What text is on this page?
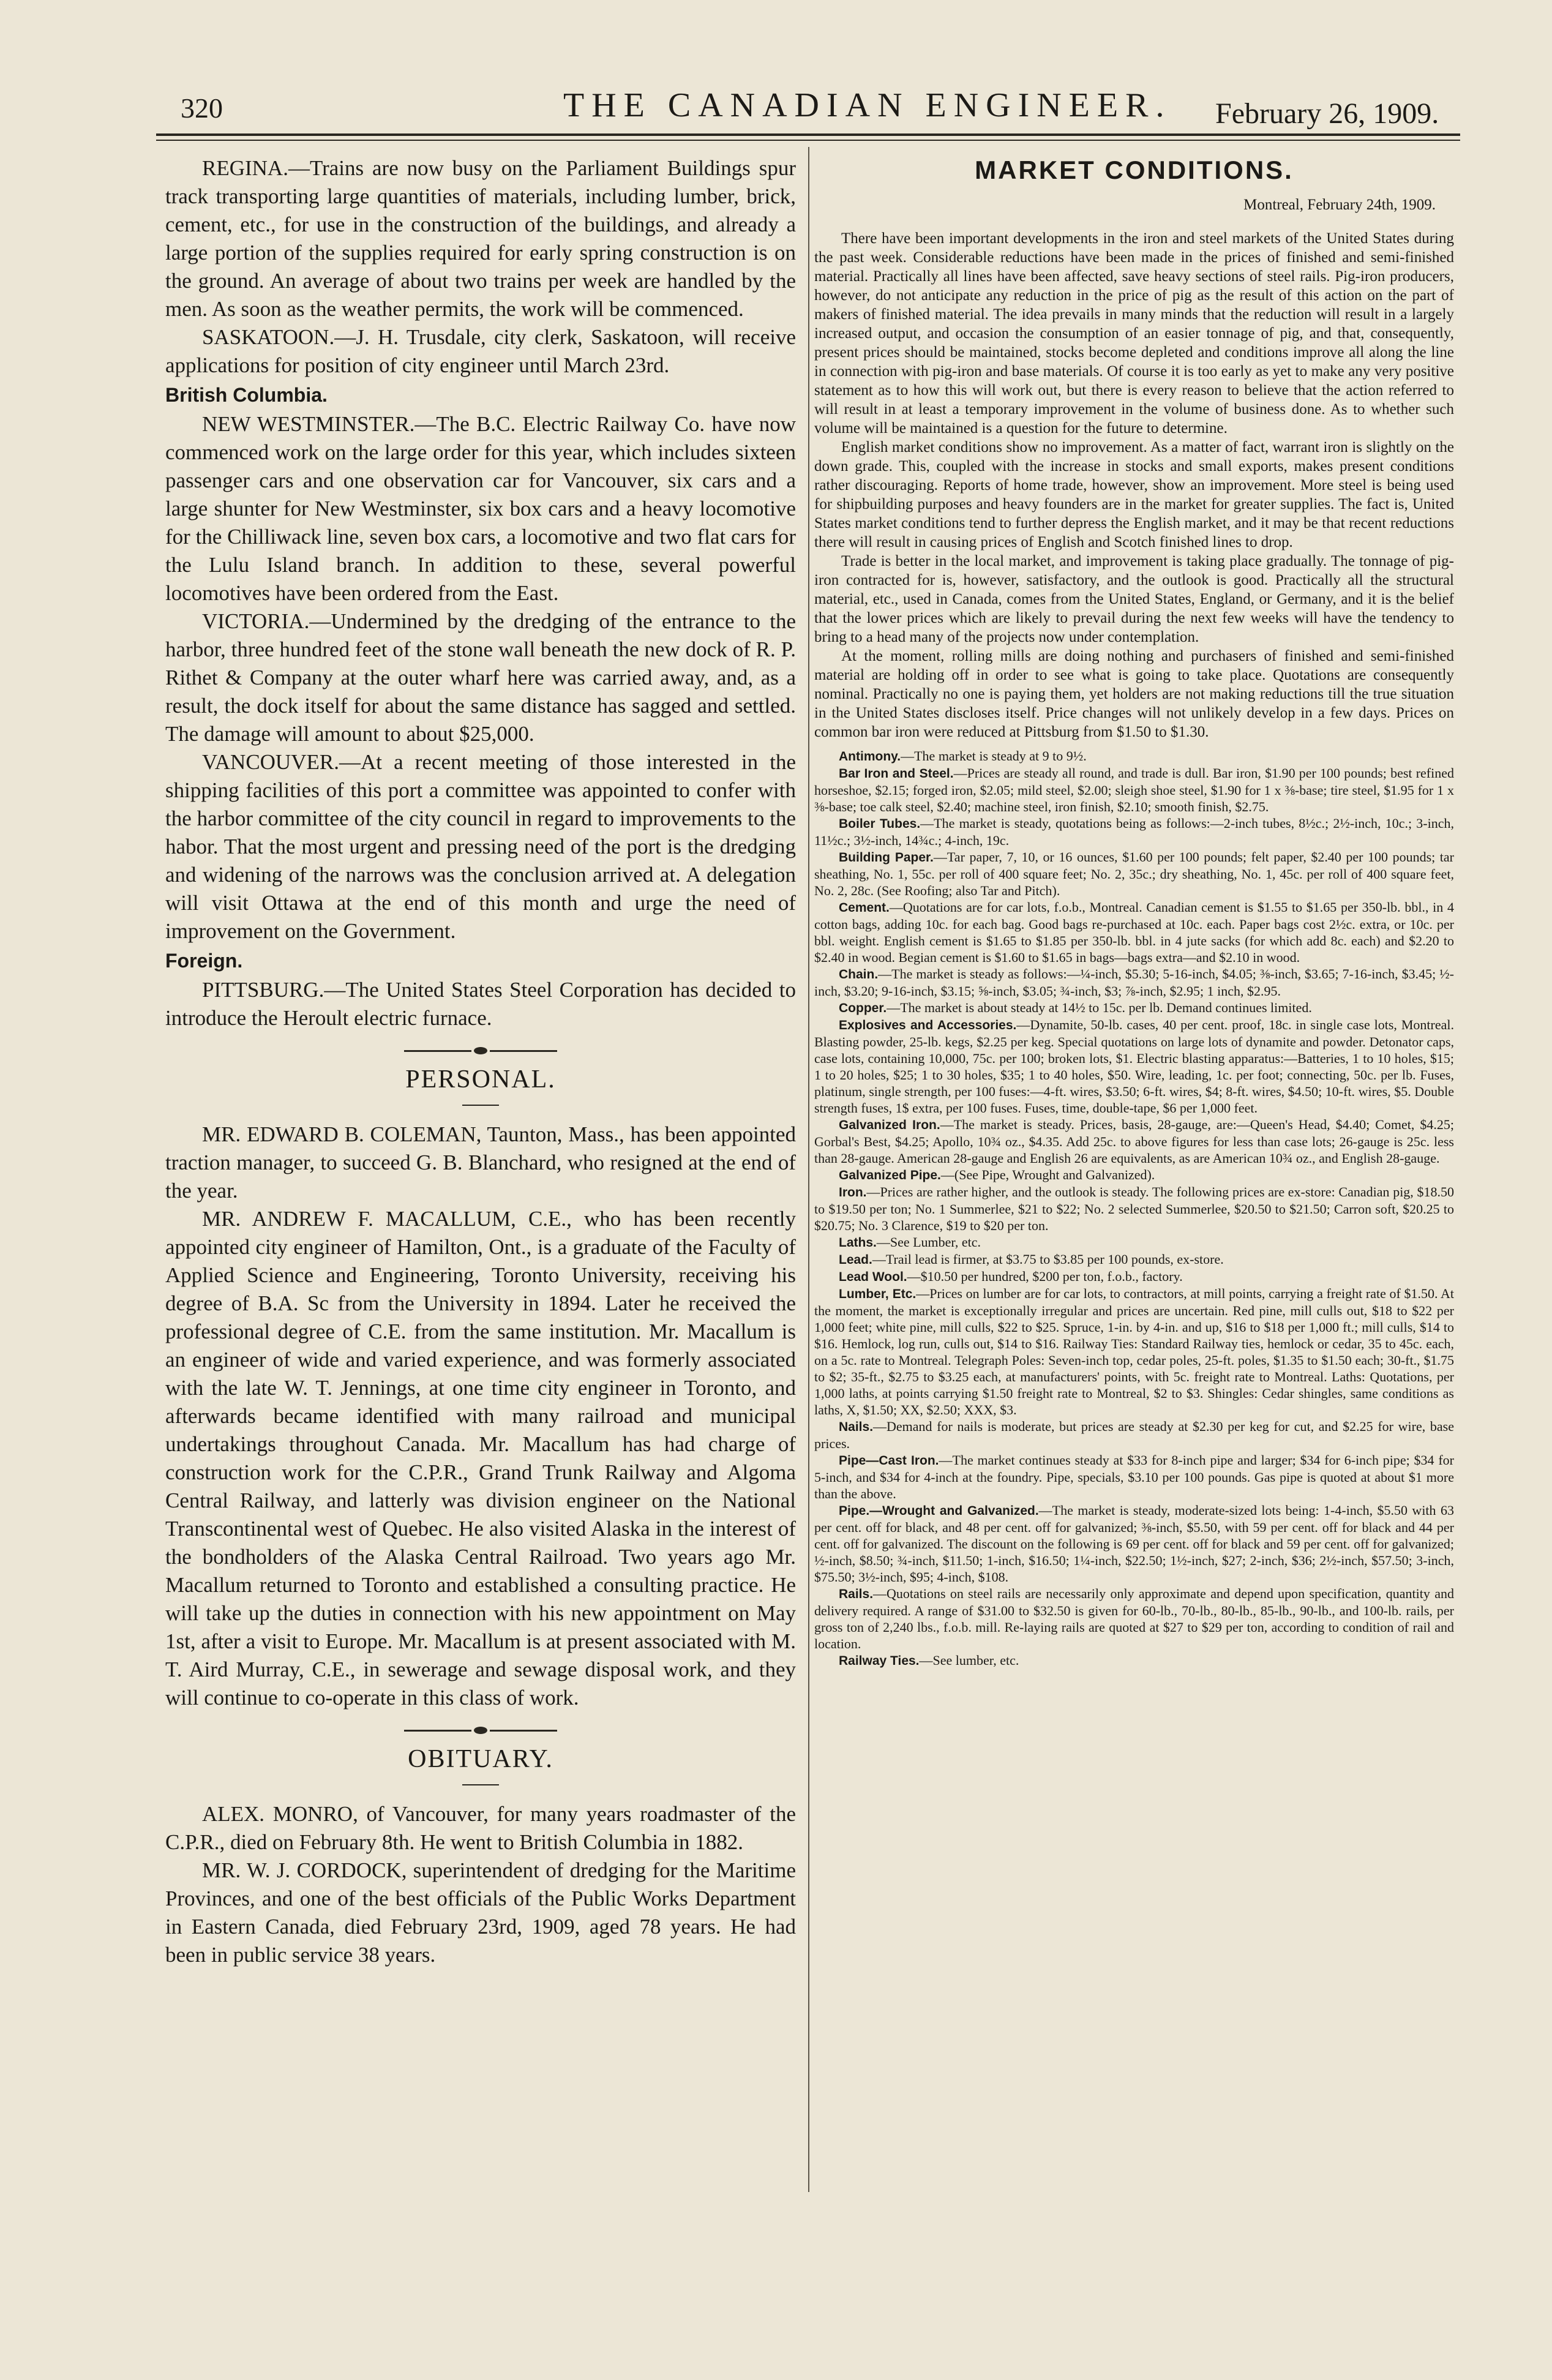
320	THE CANADIAN ENGINEER. February 26, 1909.

REGINA.—Trains are now busy on the Parliament Buildings spur track transporting large quantities of materials, including lumber, brick, cement, etc., for use in the construction of the buildings, and already a large portion of the supplies required for early spring construction is on the ground. An average of about two trains per week are handled by the men. As soon as the weather permits, the work will be commenced.

SASKATOON.—J. H. Trusdale, city clerk, Saskatoon, will receive applications for position of city engineer until March 23rd.

British Columbia.

NEW WESTMINSTER.—The B.C. Electric Railway Co. have now commenced work on the large order for this year, which includes sixteen passenger cars and one observation car for Vancouver, six cars and a large shunter for New Westminster, six box cars and a heavy locomotive for the Chilliwack line, seven box cars, a locomotive and two flat cars for the Lulu Island branch. In addition to these, several powerful locomotives have been ordered from the East.

VICTORIA.—Undermined by the dredging of the entrance to the harbor, three hundred feet of the stone wall beneath the new dock of R. P. Rithet & Company at the outer wharf here was carried away, and, as a result, the dock itself for about the same distance has sagged and settled. The damage will amount to about $25,000.

VANCOUVER.—At a recent meeting of those interested in the shipping facilities of this port a committee was appointed to confer with the harbor committee of the city council in regard to improvements to the habor. That the most urgent and pressing need of the port is the dredging and widening of the narrows was the conclusion arrived at. A delegation will visit Ottawa at the end of this month and urge the need of improvement on the Government.

Foreign.

PITTSBURG.—The United States Steel Corporation has decided to introduce the Heroult electric furnace.

PERSONAL.

MR. EDWARD B. COLEMAN, Taunton, Mass., has been appointed traction manager, to succeed G. B. Blanchard, who resigned at the end of the year.

MR. ANDREW F. MACALLUM, C.E., who has been recently appointed city engineer of Hamilton, Ont., is a graduate of the Faculty of Applied Science and Engineering, Toronto University, receiving his degree of B.A. Sc from the University in 1894. Later he received the professional degree of C.E. from the same institution. Mr. Macallum is an engineer of wide and varied experience, and was formerly associated with the late W. T. Jennings, at one time city engineer in Toronto, and afterwards became identified with many railroad and municipal undertakings throughout Canada. Mr. Macallum has had charge of construction work for the C.P.R., Grand Trunk Railway and Algoma Central Railway, and latterly was division engineer on the National Transcontinental west of Quebec. He also visited Alaska in the interest of the bondholders of the Alaska Central Railroad. Two years ago Mr. Macallum returned to Toronto and established a consulting practice. He will take up the duties in connection with his new appointment on May 1st, after a visit to Europe. Mr. Macallum is at present associated with M. T. Aird Murray, C.E., in sewerage and sewage disposal work, and they will continue to co-operate in this class of work.

OBITUARY.

ALEX. MONRO, of Vancouver, for many years roadmaster of the C.P.R., died on February 8th. He went to British Columbia in 1882.

MR. W. J. CORDOCK, superintendent of dredging for the Maritime Provinces, and one of the best officials of the Public Works Department in Eastern Canada, died February 23rd, 1909, aged 78 years. He had been in public service 38 years.

MARKET CONDITIONS.
Montreal, February 24th, 1909.

There have been important developments in the iron and steel markets of the United States during the past week. Considerable reductions have been made in the prices of finished and semi-finished material. Practically all lines have been affected, save heavy sections of steel rails. Pig-iron producers, however, do not anticipate any reduction in the price of pig as the result of this action on the part of makers of finished material. The idea prevails in many minds that the reduction will result in a largely increased output, and occasion the consumption of an easier tonnage of pig, and that, consequently, present prices should be maintained, stocks become depleted and conditions improve all along the line in connection with pig-iron and base materials. Of course it is too early as yet to make any very positive statement as to how this will work out, but there is every reason to believe that the action referred to will result in at least a temporary improvement in the volume of business done. As to whether such volume will be maintained is a question for the future to determine.

English market conditions show no improvement. As a matter of fact, warrant iron is slightly on the down grade. This, coupled with the increase in stocks and small exports, makes present conditions rather discouraging. Reports of home trade, however, show an improvement. More steel is being used for shipbuilding purposes and heavy founders are in the market for greater supplies. The fact is, United States market conditions tend to further depress the English market, and it may be that recent reductions there will result in causing prices of English and Scotch finished lines to drop.

Trade is better in the local market, and improvement is taking place gradually. The tonnage of pig-iron contracted for is, however, satisfactory, and the outlook is good. Practically all the structural material, etc., used in Canada, comes from the United States, England, or Germany, and it is the belief that the lower prices which are likely to prevail during the next few weeks will have the tendency to bring to a head many of the projects now under contemplation.

At the moment, rolling mills are doing nothing and purchasers of finished and semi-finished material are holding off in order to see what is going to take place. Quotations are consequently nominal. Practically no one is paying them, yet holders are not making reductions till the true situation in the United States discloses itself. Price changes will not unlikely develop in a few days. Prices on common bar iron were reduced at Pittsburg from $1.50 to $1.30.

Antimony.—The market is steady at 9 to 9½.

Bar Iron and Steel.—Prices are steady all round, and trade is dull. Bar iron, $1.90 per 100 pounds; best refined horseshoe, $2.15; forged iron, $2.05; mild steel, $2.00; sleigh shoe steel, $1.90 for 1 x ⅜-base; tire steel, $1.95 for 1 x ⅜-base; toe calk steel, $2.40; machine steel, iron finish, $2.10; smooth finish, $2.75.

Boiler Tubes.—The market is steady, quotations being as follows:—2-inch tubes, 8½c.; 2½-inch, 10c.; 3-inch, 11½c.; 3½-inch, 14¾c.; 4-inch, 19c.

Building Paper.—Tar paper, 7, 10, or 16 ounces, $1.60 per 100 pounds; felt paper, $2.40 per 100 pounds; tar sheathing, No. 1, 55c. per roll of 400 square feet; No. 2, 35c.; dry sheathing, No. 1, 45c. per roll of 400 square feet, No. 2, 28c. (See Roofing; also Tar and Pitch).

Cement.—Quotations are for car lots, f.o.b., Montreal. Canadian cement is $1.55 to $1.65 per 350-lb. bbl., in 4 cotton bags, adding 10c. for each bag. Good bags re-purchased at 10c. each. Paper bags cost 2½c. extra, or 10c. per bbl. weight. English cement is $1.65 to $1.85 per 350-lb. bbl. in 4 jute sacks (for which add 8c. each) and $2.20 to $2.40 in wood. Begian cement is $1.60 to $1.65 in bags—bags extra—and $2.10 in wood.

Chain.—The market is steady as follows:—¼-inch, $5.30; 5-16-inch, $4.05; ⅜-inch, $3.65; 7-16-inch, $3.45; ½-inch, $3.20; 9-16-inch, $3.15; ⅝-inch, $3.05; ¾-inch, $3; ⅞-inch, $2.95; 1 inch, $2.95.

Copper.—The market is about steady at 14½ to 15c. per lb. Demand continues limited.

Explosives and Accessories.—Dynamite, 50-lb. cases, 40 per cent. proof, 18c. in single case lots, Montreal. Blasting powder, 25-lb. kegs, $2.25 per keg. Special quotations on large lots of dynamite and powder. Detonator caps, case lots, containing 10,000, 75c. per 100; broken lots, $1. Electric blasting apparatus:—Batteries, 1 to 10 holes, $15; 1 to 20 holes, $25; 1 to 30 holes, $35; 1 to 40 holes, $50. Wire, leading, 1c. per foot; connecting, 50c. per lb. Fuses, platinum, single strength, per 100 fuses:—4-ft. wires, $3.50; 6-ft. wires, $4; 8-ft. wires, $4.50; 10-ft. wires, $5. Double strength fuses, 1$ extra, per 100 fuses. Fuses, time, double-tape, $6 per 1,000 feet.

Galvanized Iron.—The market is steady. Prices, basis, 28-gauge, are:—Queen's Head, $4.40; Comet, $4.25; Gorbal's Best, $4.25; Apollo, 10¾ oz., $4.35. Add 25c. to above figures for less than case lots; 26-gauge is 25c. less than 28-gauge. American 28-gauge and English 26 are equivalents, as are American 10¾ oz., and English 28-gauge.

Galvanized Pipe.—(See Pipe, Wrought and Galvanized).

Iron.—Prices are rather higher, and the outlook is steady. The following prices are ex-store: Canadian pig, $18.50 to $19.50 per ton; No. 1 Summerlee, $21 to $22; No. 2 selected Summerlee, $20.50 to $21.50; Carron soft, $20.25 to $20.75; No. 3 Clarence, $19 to $20 per ton.

Laths.—See Lumber, etc.

Lead.—Trail lead is firmer, at $3.75 to $3.85 per 100 pounds, ex-store.

Lead Wool.—$10.50 per hundred, $200 per ton, f.o.b., factory.

Lumber, Etc.—Prices on lumber are for car lots, to contractors, at mill points, carrying a freight rate of $1.50. At the moment, the market is exceptionally irregular and prices are uncertain. Red pine, mill culls out, $18 to $22 per 1,000 feet; white pine, mill culls, $22 to $25. Spruce, 1-in. by 4-in. and up, $16 to $18 per 1,000 ft.; mill culls, $14 to $16. Hemlock, log run, culls out, $14 to $16. Railway Ties: Standard Railway ties, hemlock or cedar, 35 to 45c. each, on a 5c. rate to Montreal. Telegraph Poles: Seven-inch top, cedar poles, 25-ft. poles, $1.35 to $1.50 each; 30-ft., $1.75 to $2; 35-ft., $2.75 to $3.25 each, at manufacturers' points, with 5c. freight rate to Montreal. Laths: Quotations, per 1,000 laths, at points carrying $1.50 freight rate to Montreal, $2 to $3. Shingles: Cedar shingles, same conditions as laths, X, $1.50; XX, $2.50; XXX, $3.

Nails.—Demand for nails is moderate, but prices are steady at $2.30 per keg for cut, and $2.25 for wire, base prices.

Pipe—Cast Iron.—The market continues steady at $33 for 8-inch pipe and larger; $34 for 6-inch pipe; $34 for 5-inch, and $34 for 4-inch at the foundry. Pipe, specials, $3.10 per 100 pounds. Gas pipe is quoted at about $1 more than the above.

Pipe.—Wrought and Galvanized.—The market is steady, moderate-sized lots being: 1-4-inch, $5.50 with 63 per cent. off for black, and 48 per cent. off for galvanized; ⅜-inch, $5.50, with 59 per cent. off for black and 44 per cent. off for galvanized. The discount on the following is 69 per cent. off for black and 59 per cent. off for galvanized; ½-inch, $8.50; ¾-inch, $11.50; 1-inch, $16.50; 1¼-inch, $22.50; 1½-inch, $27; 2-inch, $36; 2½-inch, $57.50; 3-inch, $75.50; 3½-inch, $95; 4-inch, $108.

Rails.—Quotations on steel rails are necessarily only approximate and depend upon specification, quantity and delivery required. A range of $31.00 to $32.50 is given for 60-lb., 70-lb., 80-lb., 85-lb., 90-lb., and 100-lb. rails, per gross ton of 2,240 lbs., f.o.b. mill. Re-laying rails are quoted at $27 to $29 per ton, according to condition of rail and location.

Railway Ties.—See lumber, etc.
